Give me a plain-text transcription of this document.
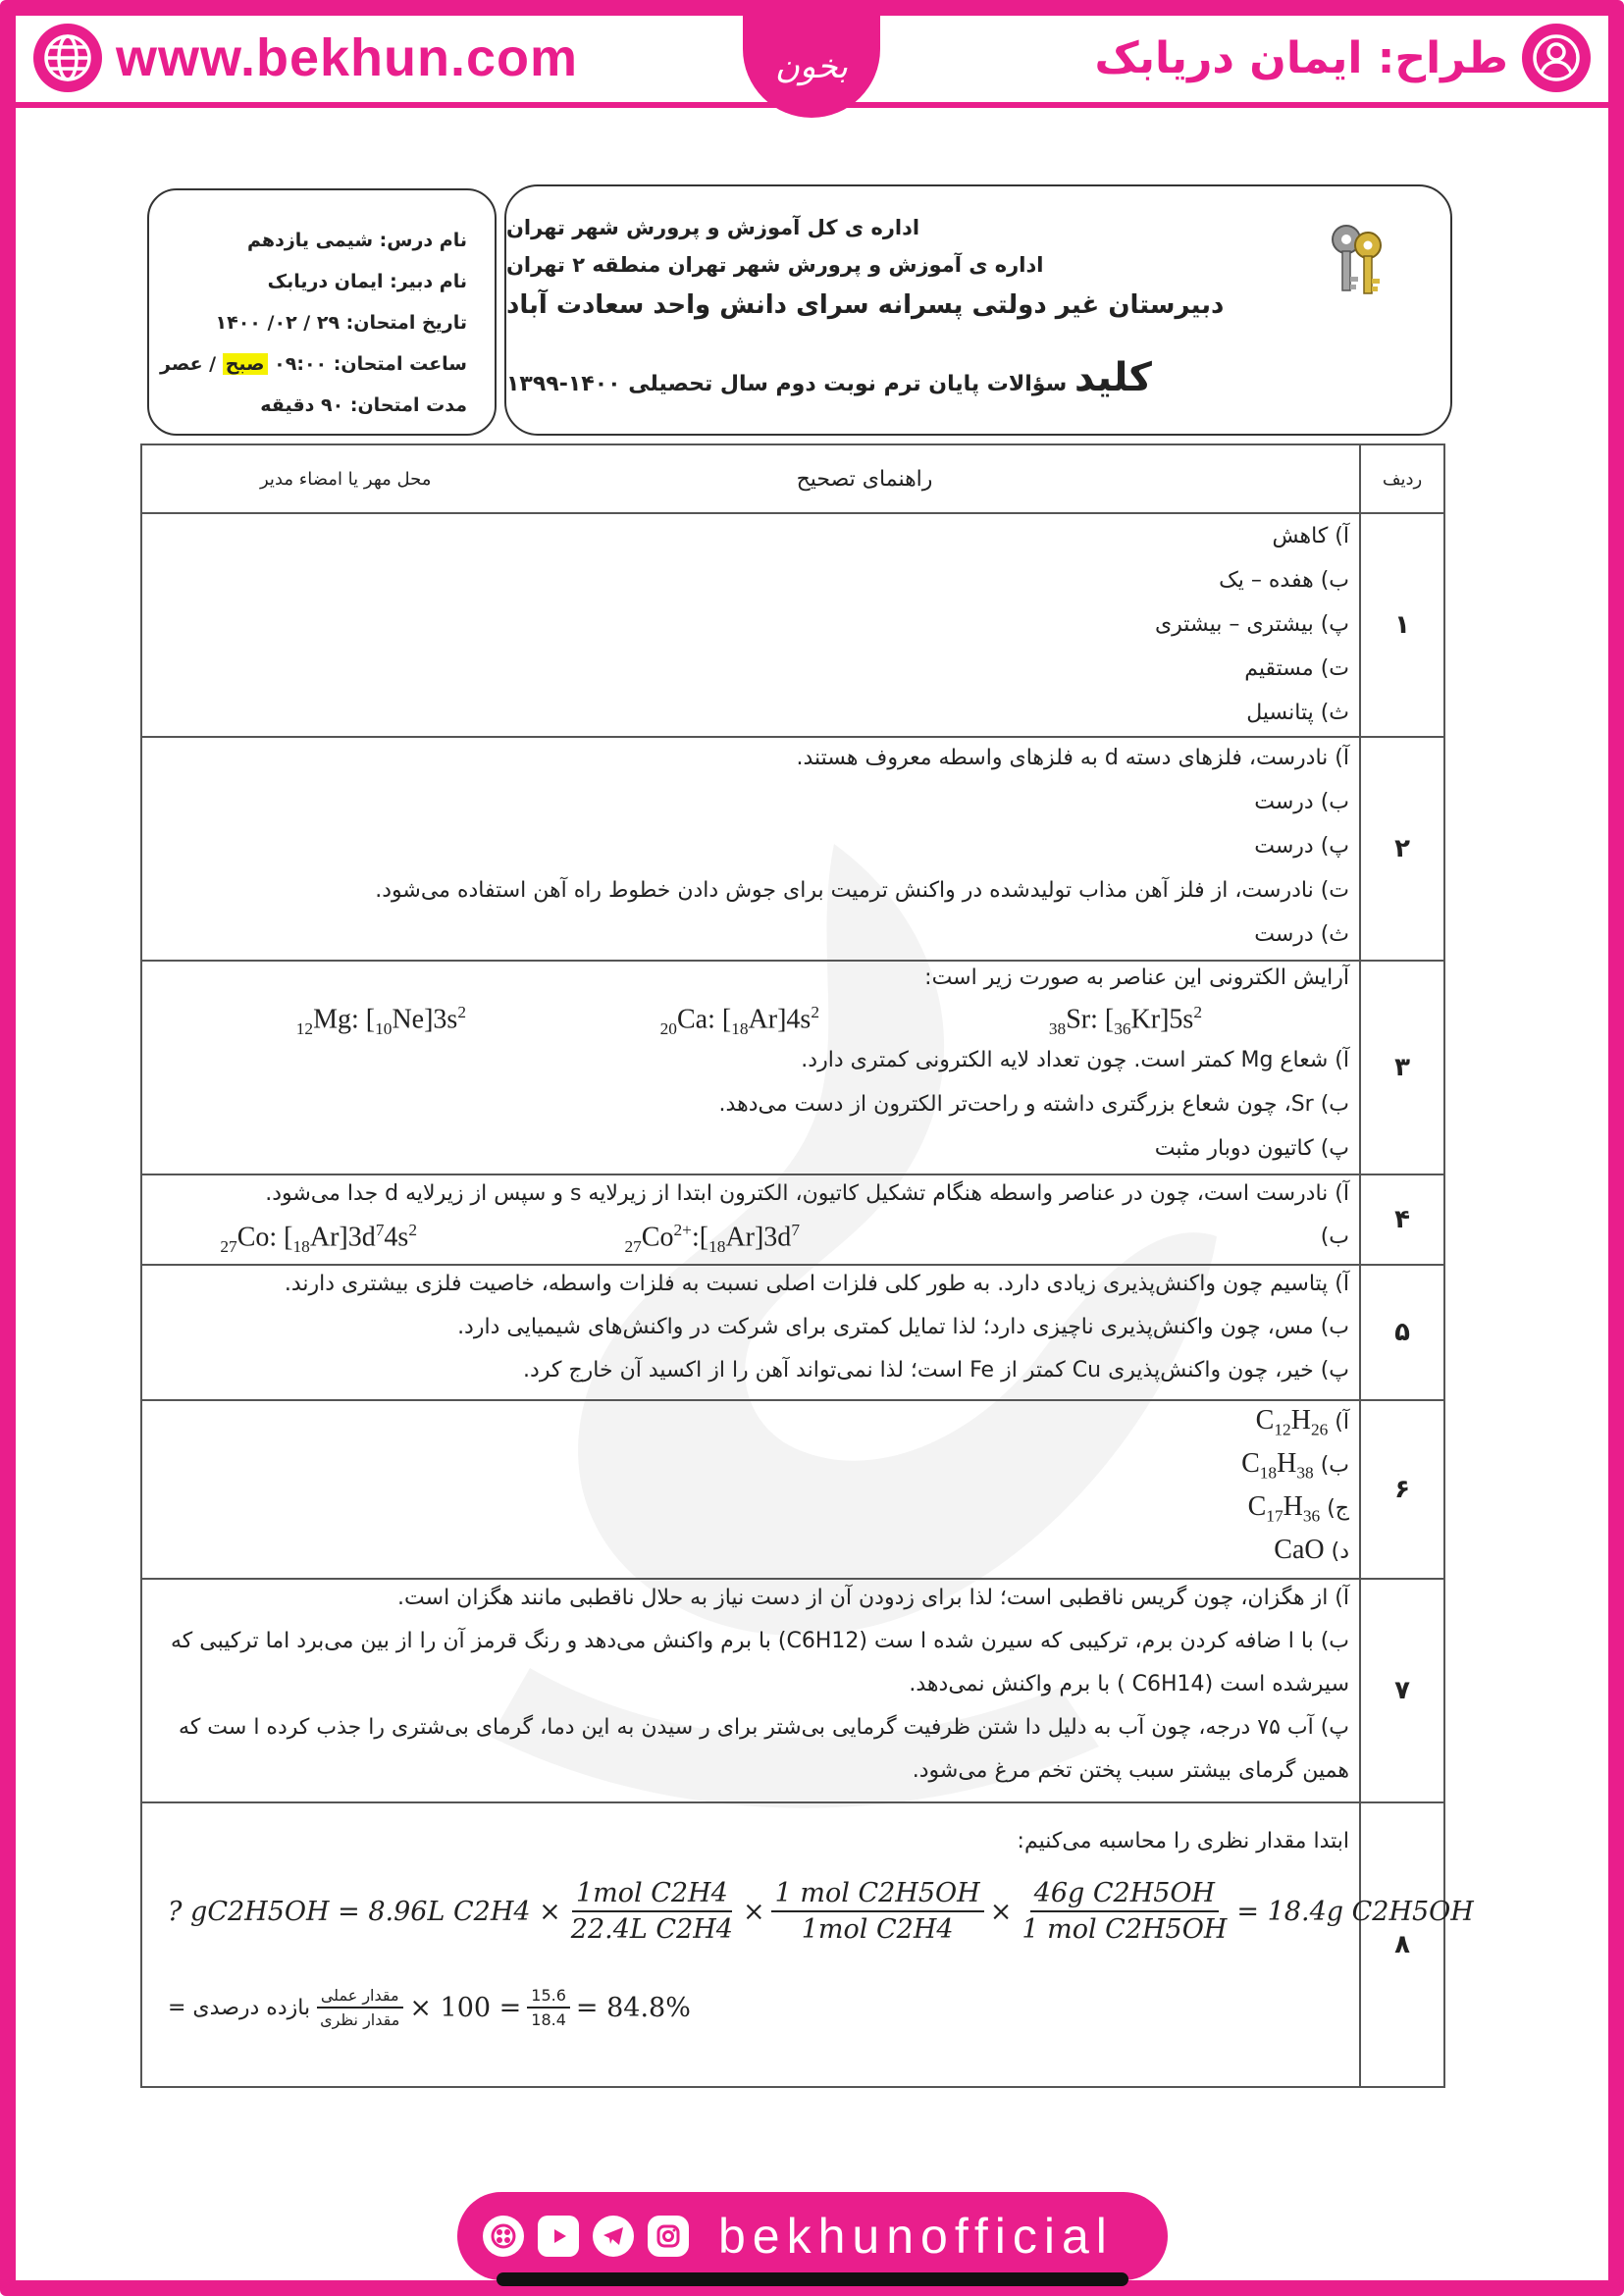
www.bekhun.com	بخون	طراح: ایمان دریابک
اداره ی کل آموزش و پرورش شهر تهران
اداره ی آموزش و پرورش شهر تهران منطقه ۲ تهران
دبیرستان غیر دولتی پسرانه سرای دانش واحد سعادت آباد
کلید سؤالات پایان ترم نوبت دوم سال تحصیلی ۱۴۰۰-۱۳۹۹
نام درس: شیمی یازدهم
نام دبیر: ایمان دریابک
تاریخ امتحان: ۲۹ / ۰۲/ ۱۴۰۰
ساعت امتحان: ۰۹:۰۰ صبح / عصر
مدت امتحان: ۹۰ دقیقه
ردیف
راهنمای تصحیح
محل مهر یا امضاء مدیر
۱
آ) کاهش
ب) هفده – یک
پ) بیشتری – بیشتری
ت) مستقیم
ث) پتانسیل
۲
آ) نادرست، فلزهای دسته d به فلزهای واسطه معروف هستند.
ب) درست
پ) درست
ت) نادرست، از فلز آهن مذاب تولیدشده در واکنش ترمیت برای جوش دادن خطوط راه آهن استفاده می‌شود.
ث) درست
۳
آرایش الکترونی این عناصر به صورت زیر است:
$_{38}$Sr: $[_{36}Kr]5s^2$
$_{20}$Ca: $[_{18}Ar]4s^2$
$_{12}$Mg: $[_{10}Ne]3s^2$
آ) شعاع Mg کمتر است. چون تعداد لایه الکترونی کمتری دارد.
ب) Sr، چون شعاع بزرگتری داشته و راحت‌تر الکترون از دست می‌دهد.
پ) کاتیون دوبار مثبت
۴
آ) نادرست است، چون در عناصر واسطه هنگام تشکیل کاتیون، الکترون ابتدا از زیرلایه s و سپس از زیرلایه d جدا می‌شود.
ب)
$_{27}Co^{2+}:[_{18}Ar]3d^7$
$_{27}$Co: $[_{18}Ar]3d^74s^2$
۵
آ) پتاسیم چون واکنش‌پذیری زیادی دارد. به طور کلی فلزات اصلی نسبت به فلزات واسطه، خاصیت فلزی بیشتری دارند.
ب) مس، چون واکنش‌پذیری ناچیزی دارد؛ لذا تمایل کمتری برای شرکت در واکنش‌های شیمیایی دارد.
پ) خیر، چون واکنش‌پذیری Cu کمتر از Fe است؛ لذا نمی‌تواند آهن را از اکسید آن خارج کرد.
۶
آ) $C_{12}H_{26}$
ب) $C_{18}H_{38}$
ج) $C_{17}H_{36}$
د) CaO
۷
آ) از هگزان، چون گریس ناقطبی است؛ لذا برای زدودن آن از دست نیاز به حلال ناقطبی مانند هگزان است.
ب) با ا ضافه کردن برم، ترکیبی که سیرن شده ا ست (C6H12) با برم واکنش می‌دهد و رنگ قرمز آن را از بین می‌برد اما ترکیبی که
سیرشده است (C6H14 ) با برم واکنش نمی‌دهد.
پ) آب ۷۵ درجه، چون آب به دلیل دا شتن ظرفیت گرمایی بی‌شتر برای ر سیدن به این دما، گرمای بی‌شتری را جذب کرده ا ست که
همین گرمای بیشتر سبب پختن تخم مرغ می‌شود.
۸
ابتدا مقدار نظری را محاسبه می‌کنیم:
? gC2H5OH = 8.96L $C2H4 \times \frac{\text{1mol C2H4}}{\text{22.4L C2H4}} \times \frac{\text{1 mol C2H5OH}}{\text{1mol C2H4}} \times \frac{\text{46g C2H5OH}}{\text{1 mol C2H5OH}} = 18.4g$ C2H5OH
بازده درصدی = $\frac{\text{مقدار عملی}}{\text{مقدار نظری}} \times 100 = \frac{15.6}{18.4} = 84.8\%$
bekhunofficial
